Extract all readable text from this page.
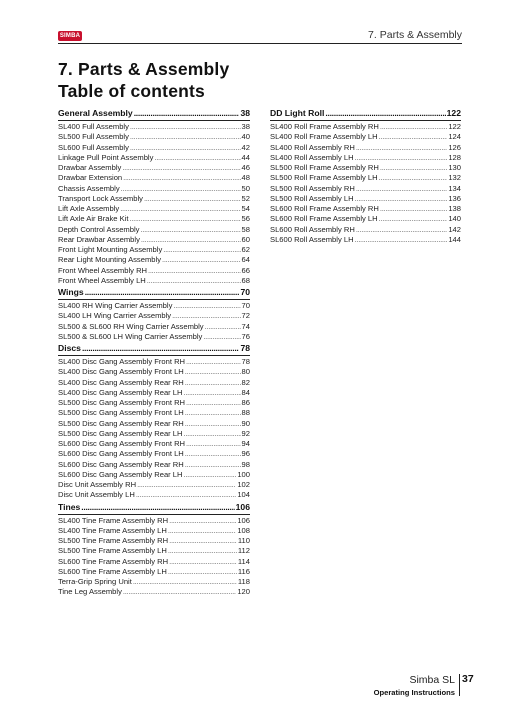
SIMBA	7. Parts & Assembly
7. Parts & Assembly
Table of contents
General Assembly .....	38
SL400 Full Assembly . . .	38
SL500 Full Assembly . . .	40
SL600 Full Assembly . . .	42
Linkage Pull Point Assembly . . .	44
Drawbar Assembly . . .	46
Drawbar Extension . . .	48
Chassis Assembly . . .	50
Transport Lock Assembly . . .	52
Lift Axle Assembly . . .	54
Lift Axle Air Brake Kit . . .	56
Depth Control Assembly . . .	58
Rear Drawbar Assembly . . .	60
Front Light Mounting Assembly . . .	62
Rear Light Mounting Assembly . . .	64
Front Wheel Assembly RH . . .	66
Front Wheel Assembly LH . . .	68
Wings .....	70
SL400 RH Wing Carrier Assembly . . .	70
SL400 LH Wing Carrier Assembly . . .	72
SL500 & SL600 RH Wing Carrier Assembly . . .	74
SL500 & SL600 LH Wing Carrier Assembly . . .	76
Discs .....	78
SL400 Disc Gang Assembly Front RH . . .	78
SL400 Disc Gang Assembly Front LH . . .	80
SL400 Disc Gang Assembly Rear RH . . .	82
SL400 Disc Gang Assembly Rear LH . . .	84
SL500 Disc Gang Assembly Front RH . . .	86
SL500 Disc Gang Assembly Front LH . . .	88
SL500 Disc Gang Assembly Rear RH . . .	90
SL500 Disc Gang Assembly Rear LH . . .	92
SL600 Disc Gang Assembly Front RH . . .	94
SL600 Disc Gang Assembly Front LH . . .	96
SL600 Disc Gang Assembly Rear RH . . .	98
SL600 Disc Gang Assembly Rear LH . . .	100
Disc Unit Assembly RH . . .	102
Disc Unit Assembly LH . . .	104
Tines .....	106
SL400 Tine Frame Assembly RH . . .	106
SL400 Tine Frame Assembly LH . . .	108
SL500 Tine Frame Assembly RH . . .	110
SL500 Tine Frame Assembly LH . . .	112
SL600 Tine Frame Assembly RH . . .	114
SL600 Tine Frame Assembly LH . . .	116
Terra-Grip Spring Unit . . .	118
Tine Leg Assembly . . .	120
DD Light Roll .....	122
SL400 Roll Frame Assembly RH . . .	122
SL400 Roll Frame Assembly LH . . .	124
SL400 Roll Assembly RH . . .	126
SL400 Roll Assembly LH . . .	128
SL500 Roll Frame Assembly RH . . .	130
SL500 Roll Frame Assembly LH . . .	132
SL500 Roll Assembly RH . . .	134
SL500 Roll Assembly LH . . .	136
SL600 Roll Frame Assembly RH . . .	138
SL600 Roll Frame Assembly LH . . .	140
SL600 Roll Assembly RH . . .	142
SL600 Roll Assembly LH . . .	144
Simba SL 37
Operating Instructions
